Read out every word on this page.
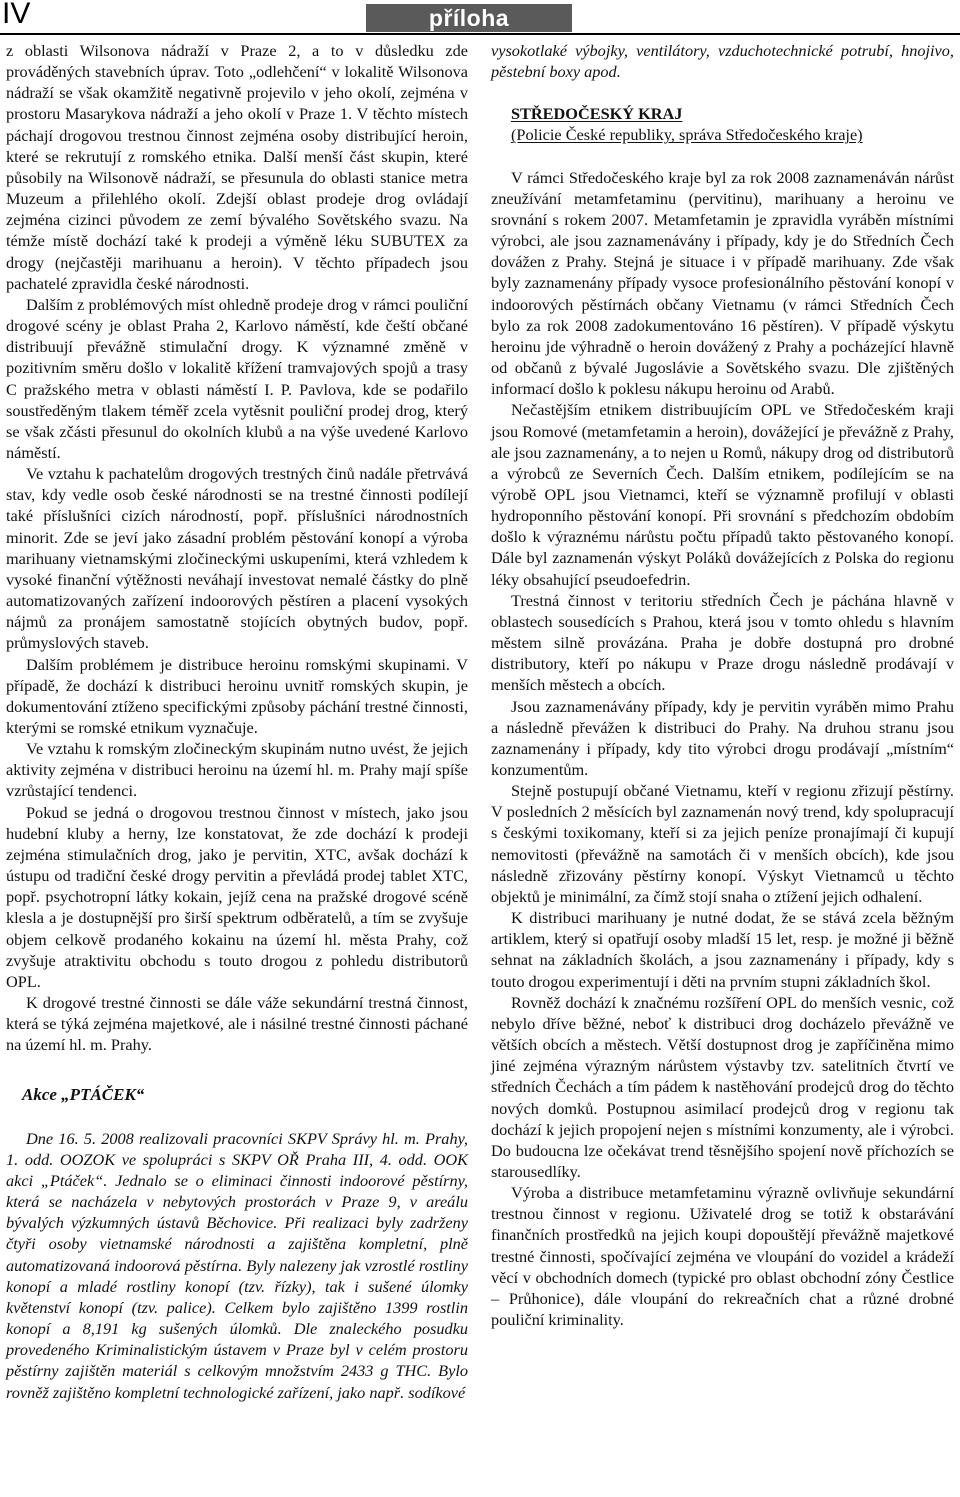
IV	příloha

z oblasti Wilsonova nádraží v Praze 2, a to v důsledku zde prováděných stavebních úprav. Toto „odlehčení“ v lokalitě Wilsonova nádraží se však okamžitě negativně projevilo v jeho okolí, zejména v prostoru Masarykova nádraží a jeho okolí v Praze 1. V těchto místech páchají drogovou trestnou činnost zejména osoby distribující heroin, které se rekrutují z romského etnika. Další menší část skupin, které působily na Wilsonově nádraží, se přesunula do oblasti stanice metra Muzeum a přilehlého okolí. Zdejší oblast prodeje drog ovládají zejména cizinci původem ze zemí bývalého Sovětského svazu. Na témže místě dochází také k prodeji a výměně léku SUBUTEX za drogy (nejčastěji marihuanu a heroin). V těchto případech jsou pachatelé zpravidla české národnosti.

Dalším z problémových míst ohledně prodeje drog v rámci pouliční drogové scény je oblast Praha 2, Karlovo náměstí, kde čeští občané distribuují převážně stimulační drogy. K významné změně v pozitivním směru došlo v lokalitě křížení tramvajových spojů a trasy C pražského metra v oblasti náměstí I. P. Pavlova, kde se podařilo soustředěným tlakem téměř zcela vytěsnit pouliční prodej drog, který se však zčásti přesunul do okolních klubů a na výše uvedené Karlovo náměstí.

Ve vztahu k pachatelům drogových trestných činů nadále přetrvává stav, kdy vedle osob české národnosti se na trestné činnosti podílejí také příslušníci cizích národností, popř. příslušníci národnostních minorit. Zde se jeví jako zásadní problém pěstování konopí a výroba marihuany vietnamskými zločineckými uskupeními, která vzhledem k vysoké finanční výtěžnosti neváhají investovat nemalé částky do plně automatizovaných zařízení indoorových pěstíren a placení vysokých nájmů za pronájem samostatně stojících obytných budov, popř. průmyslových staveb.

Dalším problémem je distribuce heroinu romskými skupinami. V případě, že dochází k distribuci heroinu uvnitř romských skupin, je dokumentování ztíženo specifickými způsoby páchání trestné činnosti, kterými se romské etnikum vyznačuje.

Ve vztahu k romským zločineckým skupinám nutno uvést, že jejich aktivity zejména v distribuci heroinu na území hl. m. Prahy mají spíše vzrůstající tendenci.

Pokud se jedná o drogovou trestnou činnost v místech, jako jsou hudební kluby a herny, lze konstatovat, že zde dochází k prodeji zejména stimulačních drog, jako je pervitin, XTC, avšak dochází k ústupu od tradiční české drogy pervitin a převládá prodej tablet XTC, popř. psychotropní látky kokain, jejíž cena na pražské drogové scéně klesla a je dostupnější pro širší spektrum odběratelů, a tím se zvyšuje objem celkově prodaného kokainu na území hl. města Prahy, což zvyšuje atraktivitu obchodu s touto drogou z pohledu distributorů OPL.

K drogové trestné činnosti se dále váže sekundární trestná činnost, která se týká zejména majetkové, ale i násilné trestné činnosti páchané na území hl. m. Prahy.

Akce „PTÁČEK“

Dne 16. 5. 2008 realizovali pracovníci SKPV Správy hl. m. Prahy, 1. odd. OOZOK ve spolupráci s SKPV OŘ Praha III, 4. odd. OOK akci „Ptáček“. Jednalo se o eliminaci činnosti indoorové pěstírny, která se nacházela v nebytových prostorách v Praze 9, v areálu bývalých výzkumných ústavů Běchovice. Při realizaci byly zadrženy čtyři osoby vietnamské národnosti a zajištěna kompletní, plně automatizovaná indoorová pěstírna. Byly nalezeny jak vzrostlé rostliny konopí a mladé rostliny konopí (tzv. řízky), tak i sušené úlomky květenství konopí (tzv. palice). Celkem bylo zajištěno 1399 rostlin konopí a 8,191 kg sušených úlomků. Dle znaleckého posudku provedeného Kriminalistickým ústavem v Praze byl v celém prostoru pěstírny zajištěn materiál s celkovým množstvím 2433 g THC. Bylo rovněž zajištěno kompletní technologické zařízení, jako např. sodíkové

vysokotlaké výbojky, ventilátory, vzduchotechnické potrubí, hnojivo, pěstební boxy apod.

STŘEDOČESKÝ KRAJ

(Policie České republiky, správa Středočeského kraje)

V rámci Středočeského kraje byl za rok 2008 zaznamenáván nárůst zneužívání metamfetaminu (pervitinu), marihuany a heroinu ve srovnání s rokem 2007. Metamfetamin je zpravidla vyráběn místními výrobci, ale jsou zaznamenávány i případy, kdy je do Středních Čech dovážen z Prahy. Stejná je situace i v případě marihuany. Zde však byly zaznamenány případy vysoce profesionálního pěstování konopí v indoorových pěstírnách občany Vietnamu (v rámci Středních Čech bylo za rok 2008 zadokumentováno 16 pěstíren). V případě výskytu heroinu jde výhradně o heroin dovážený z Prahy a pocházející hlavně od občanů z bývalé Jugoslávie a Sovětského svazu. Dle zjištěných informací došlo k poklesu nákupu heroinu od Arabů.

Nečastějším etnikem distribuujícím OPL ve Středočeském kraji jsou Romové (metamfetamin a heroin), dovážející je převážně z Prahy, ale jsou zaznamenány, a to nejen u Romů, nákupy drog od distributorů a výrobců ze Severních Čech. Dalším etnikem, podílejícím se na výrobě OPL jsou Vietnamci, kteří se významně profilují v oblasti hydroponního pěstování konopí. Při srovnání s předchozím obdobím došlo k výraznému nárůstu počtu případů takto pěstovaného konopí. Dále byl zaznamenán výskyt Poláků dovážejících z Polska do regionu léky obsahující pseudoefedrin.

Trestná činnost v teritoriu středních Čech je páchána hlavně v oblastech sousedících s Prahou, která jsou v tomto ohledu s hlavním městem silně provázána. Praha je dobře dostupná pro drobné distributory, kteří po nákupu v Praze drogu následně prodávají v menších městech a obcích.

Jsou zaznamenávány případy, kdy je pervitin vyráběn mimo Prahu a následně převážen k distribuci do Prahy. Na druhou stranu jsou zaznamenány i případy, kdy tito výrobci drogu prodávají „místním“ konzumentům.

Stejně postupují občané Vietnamu, kteří v regionu zřizují pěstírny. V posledních 2 měsících byl zaznamenán nový trend, kdy spolupracují s českými toxikomany, kteří si za jejich peníze pronajímají či kupují nemovitosti (převážně na samotách či v menších obcích), kde jsou následně zřizovány pěstírny konopí. Výskyt Vietnamců u těchto objektů je minimální, za čímž stojí snaha o ztížení jejich odhalení.

K distribuci marihuany je nutné dodat, že se stává zcela běžným artiklem, který si opatřují osoby mladší 15 let, resp. je možné ji běžně sehnat na základních školách, a jsou zaznamenány i případy, kdy s touto drogou experimentují i děti na prvním stupni základních škol.

Rovněž dochází k značnému rozšíření OPL do menších vesnic, což nebylo dříve běžné, neboť k distribuci drog docházelo převážně ve větších obcích a městech. Větší dostupnost drog je zapříčiněna mimo jiné zejména výrazným nárůstem výstavby tzv. satelitních čtvrtí ve středních Čechách a tím pádem k nastěhování prodejců drog do těchto nových domků. Postupnou asimilací prodejců drog v regionu tak dochází k jejich propojení nejen s místními konzumenty, ale i výrobci. Do budoucna lze očekávat trend těsnějšího spojení nově příchozích se starousedlíky.

Výroba a distribuce metamfetaminu výrazně ovlivňuje sekundární trestnou činnost v regionu. Uživatelé drog se totiž k obstarávání finančních prostředků na jejich koupi dopouštějí převážně majetkové trestné činnosti, spočívající zejména ve vloupání do vozidel a krádeží věcí v obchodních domech (typické pro oblast obchodní zóny Čestlice – Průhonice), dále vloupání do rekreačních chat a různé drobné pouliční kriminality.
